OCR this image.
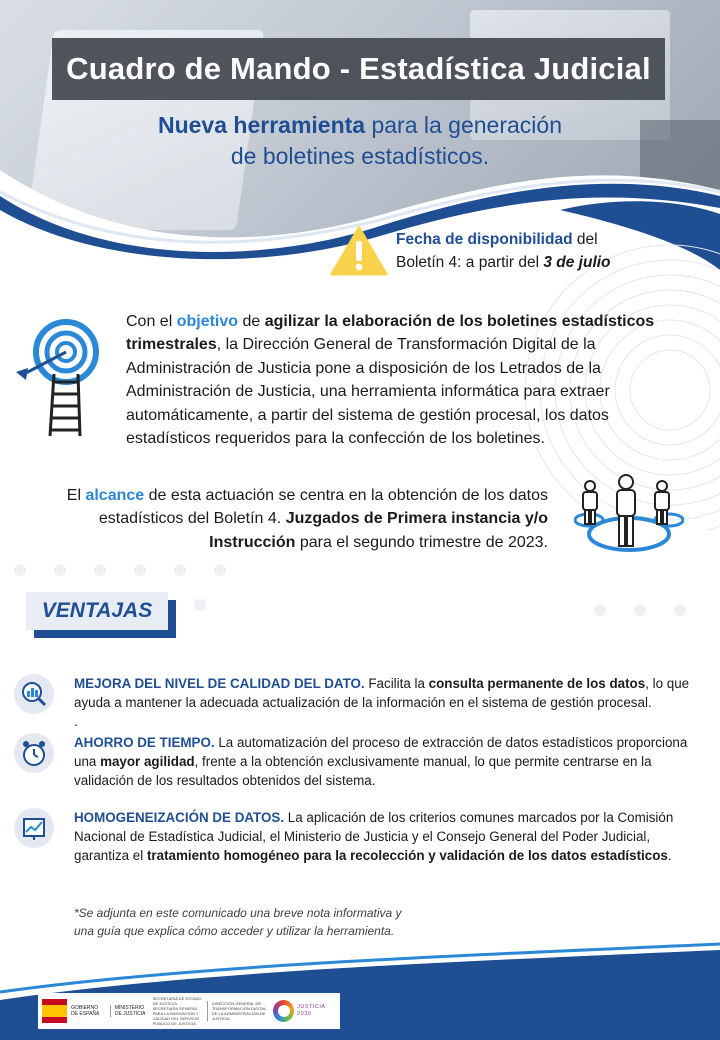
Cuadro de Mando - Estadística Judicial
Nueva herramienta para la generación
de boletines estadísticos.
Fecha de disponibilidad del
Boletín 4: a partir del 3 de julio

Con el objetivo de agilizar la elaboración de los boletines estadísticos trimestrales, la Dirección General de Transformación Digital de la Administración de Justicia pone a disposición de los Letrados de la Administración de Justicia, una herramienta informática para extraer automáticamente, a partir del sistema de gestión procesal, los datos estadísticos requeridos para la confección de los boletines.

El alcance de esta actuación se centra en la obtención de los datos estadísticos del Boletín 4. Juzgados de Primera instancia y/o Instrucción para el segundo trimestre de 2023.

VENTAJAS
MEJORA DEL NIVEL DE CALIDAD DEL DATO. Facilita la consulta permanente de los datos, lo que ayuda a mantener la adecuada actualización de la información en el sistema de gestión procesal.
.
AHORRO DE TIEMPO. La automatización del proceso de extracción de datos estadísticos proporciona una mayor agilidad, frente a la obtención exclusivamente manual, lo que permite centrarse en la validación de los resultados obtenidos del sistema.
HOMOGENEIZACIÓN DE DATOS. La aplicación de los criterios comunes marcados por la Comisión Nacional de Estadística Judicial, el Ministerio de Justicia y el Consejo General del Poder Judicial, garantiza el tratamiento homogéneo para la recolección y validación de los datos estadísticos.
*Se adjunta en este comunicado una breve nota informativa y
una guía que explica cómo acceder y utilizar la herramienta.
GOBIERNO DE ESPAÑA
MINISTERIO DE JUSTICIA
SECRETARÍA DE ESTADO DE JUSTICIA
SECRETARÍA GENERAL PARA LA INNOVACIÓN Y CALIDAD DEL SERVICIO PÚBLICO DE JUSTICIA
DIRECCIÓN GENERAL DE TRANSFORMACIÓN DIGITAL DE LA ADMINISTRACIÓN DE JUSTICIA
JUSTICIA 2030
